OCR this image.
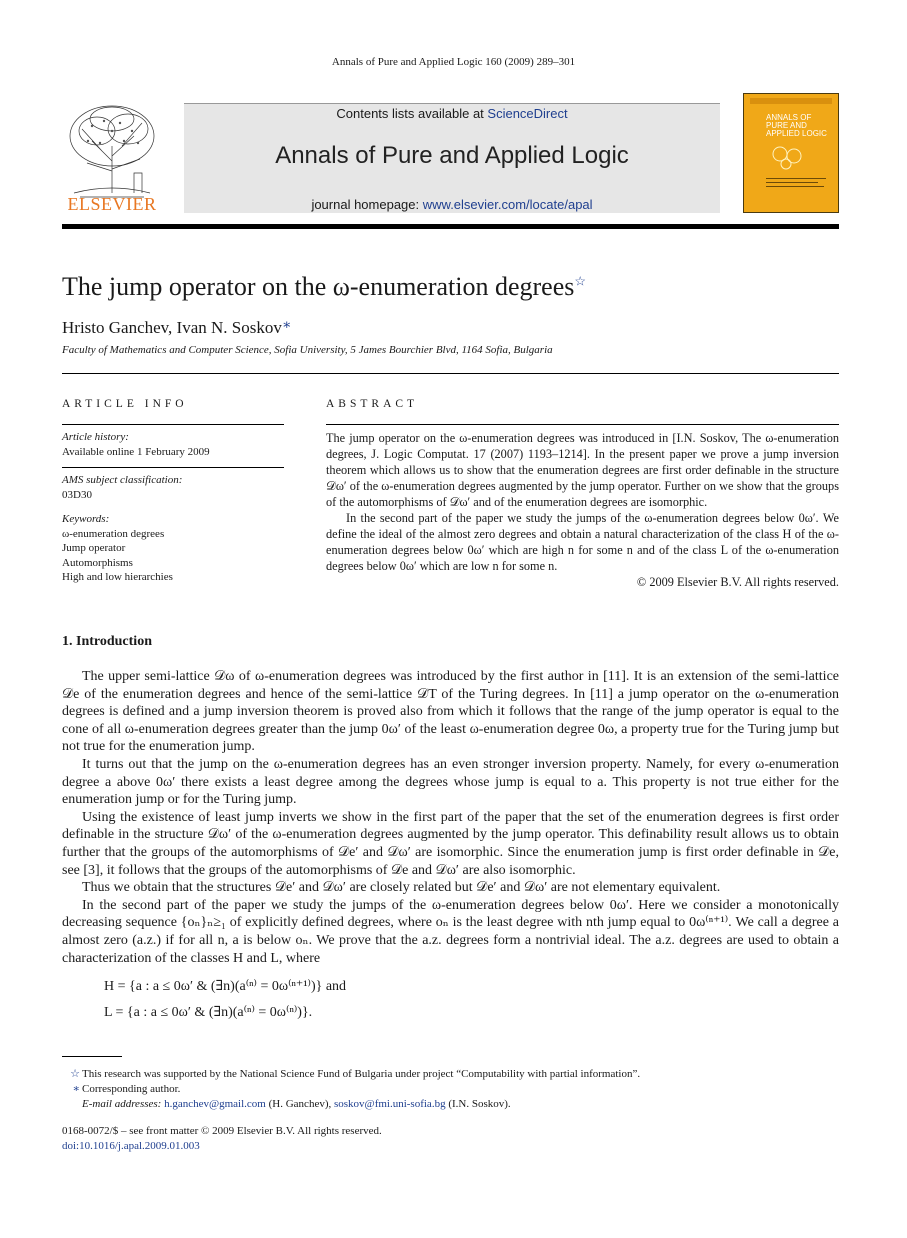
Annals of Pure and Applied Logic 160 (2009) 289–301
ELSEVIER
Contents lists available at ScienceDirect
Annals of Pure and Applied Logic
journal homepage: www.elsevier.com/locate/apal
ANNALS OF PURE AND APPLIED LOGIC
The jump operator on the ω-enumeration degrees☆
Hristo Ganchev, Ivan N. Soskov∗
Faculty of Mathematics and Computer Science, Sofia University, 5 James Bourchier Blvd, 1164 Sofia, Bulgaria
ARTICLE INFO	ABSTRACT
Article history:
Available online 1 February 2009
AMS subject classification:
03D30
Keywords:
ω-enumeration degrees
Jump operator
Automorphisms
High and low hierarchies

The jump operator on the ω-enumeration degrees was introduced in [I.N. Soskov, The ω-enumeration degrees, J. Logic Computat. 17 (2007) 1193–1214]. In the present paper we prove a jump inversion theorem which allows us to show that the enumeration degrees are first order definable in the structure 𝒟ω′ of the ω-enumeration degrees augmented by the jump operator. Further on we show that the groups of the automorphisms of 𝒟ω′ and of the enumeration degrees are isomorphic.

In the second part of the paper we study the jumps of the ω-enumeration degrees below 0ω′. We define the ideal of the almost zero degrees and obtain a natural characterization of the class H of the ω-enumeration degrees below 0ω′ which are high n for some n and of the class L of the ω-enumeration degrees below 0ω′ which are low n for some n.

© 2009 Elsevier B.V. All rights reserved.

1. Introduction

The upper semi-lattice 𝒟ω of ω-enumeration degrees was introduced by the first author in [11]. It is an extension of the semi-lattice 𝒟e of the enumeration degrees and hence of the semi-lattice 𝒟T of the Turing degrees. In [11] a jump operator on the ω-enumeration degrees is defined and a jump inversion theorem is proved also from which it follows that the range of the jump operator is equal to the cone of all ω-enumeration degrees greater than the jump 0ω′ of the least ω-enumeration degree 0ω, a property true for the Turing jump but not true for the enumeration jump.

It turns out that the jump on the ω-enumeration degrees has an even stronger inversion property. Namely, for every ω-enumeration degree a above 0ω′ there exists a least degree among the degrees whose jump is equal to a. This property is not true either for the enumeration jump or for the Turing jump.

Using the existence of least jump inverts we show in the first part of the paper that the set of the enumeration degrees is first order definable in the structure 𝒟ω′ of the ω-enumeration degrees augmented by the jump operator. This definability result allows us to obtain further that the groups of the automorphisms of 𝒟e′ and 𝒟ω′ are isomorphic. Since the enumeration jump is first order definable in 𝒟e, see [3], it follows that the groups of the automorphisms of 𝒟e and 𝒟ω′ are also isomorphic.

Thus we obtain that the structures 𝒟e′ and 𝒟ω′ are closely related but 𝒟e′ and 𝒟ω′ are not elementary equivalent.

In the second part of the paper we study the jumps of the ω-enumeration degrees below 0ω′. Here we consider a monotonically decreasing sequence {oₙ}ₙ≥₁ of explicitly defined degrees, where oₙ is the least degree with nth jump equal to 0ω⁽ⁿ⁺¹⁾. We call a degree a almost zero (a.z.) if for all n, a is below oₙ. We prove that the a.z. degrees form a nontrivial ideal. The a.z. degrees are used to obtain a characterization of the classes H and L, where

H = {a : a ≤ 0ω′ & (∃n)(a⁽ⁿ⁾ = 0ω⁽ⁿ⁺¹⁾)} and
L = {a : a ≤ 0ω′ & (∃n)(a⁽ⁿ⁾ = 0ω⁽ⁿ⁾)}.
☆ This research was supported by the National Science Fund of Bulgaria under project “Computability with partial information”.
∗ Corresponding author.
E-mail addresses: h.ganchev@gmail.com (H. Ganchev), soskov@fmi.uni-sofia.bg (I.N. Soskov).
0168-0072/$ – see front matter © 2009 Elsevier B.V. All rights reserved.
doi:10.1016/j.apal.2009.01.003
